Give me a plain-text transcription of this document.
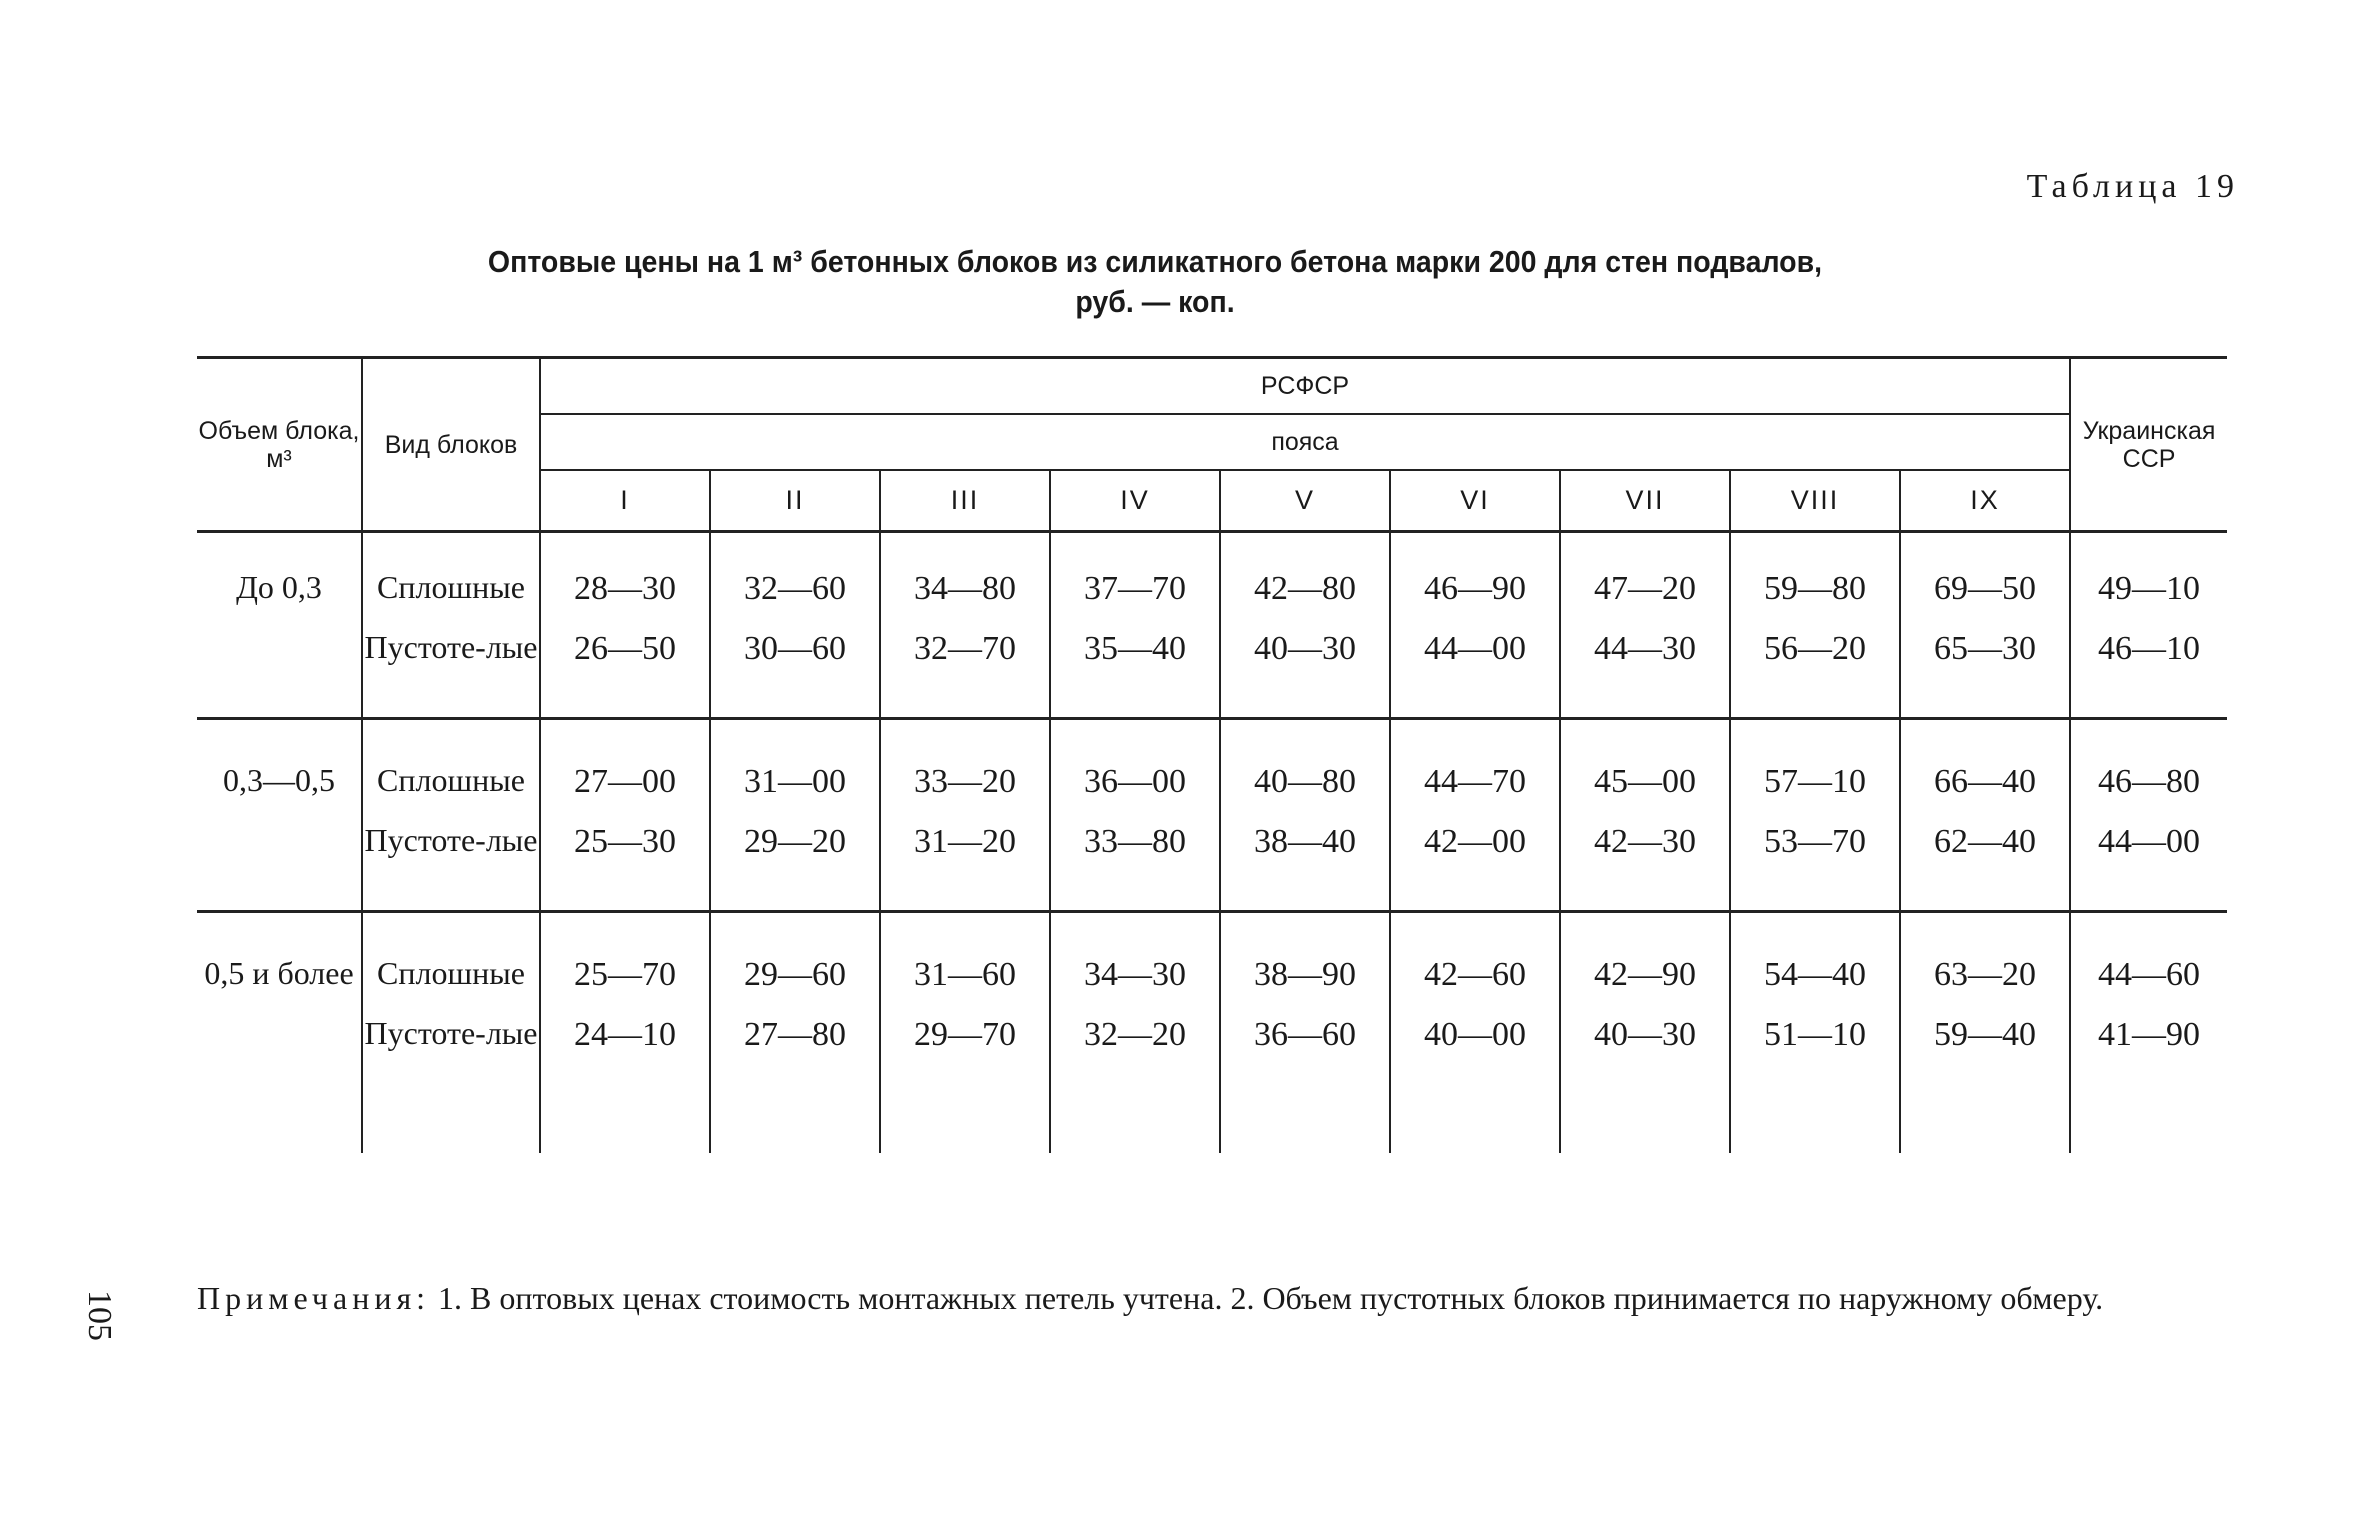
Таблица 19
Оптовые цены на 1 м³ бетонных блоков из силикатного бетона марки 200 для стен подвалов,
руб. — коп.
Объем блока, м³	Вид блоков	РСФСР									Украинская ССР
		пояса									
		I	II	III	IV	V	VI	VII	VIII	IX	

До 0,3	Сплошные	28—30	32—60	34—80	37—70	42—80	46—90	47—20	59—80	69—50	49—10
	Пустоте-лые	26—50	30—60	32—70	35—40	40—30	44—00	44—30	56—20	65—30	46—10

0,3—0,5	Сплошные	27—00	31—00	33—20	36—00	40—80	44—70	45—00	57—10	66—40	46—80
	Пустоте-лые	25—30	29—20	31—20	33—80	38—40	42—00	42—30	53—70	62—40	44—00

0,5 и более	Сплошные	25—70	29—60	31—60	34—30	38—90	42—60	42—90	54—40	63—20	44—60
	Пустоте-лые	24—10	27—80	29—70	32—20	36—60	40—00	40—30	51—10	59—40	41—90

Примечания: 1. В оптовых ценах стоимость монтажных петель учтена. 2. Объем пустотных блоков принимается по наружному обмеру.
105
